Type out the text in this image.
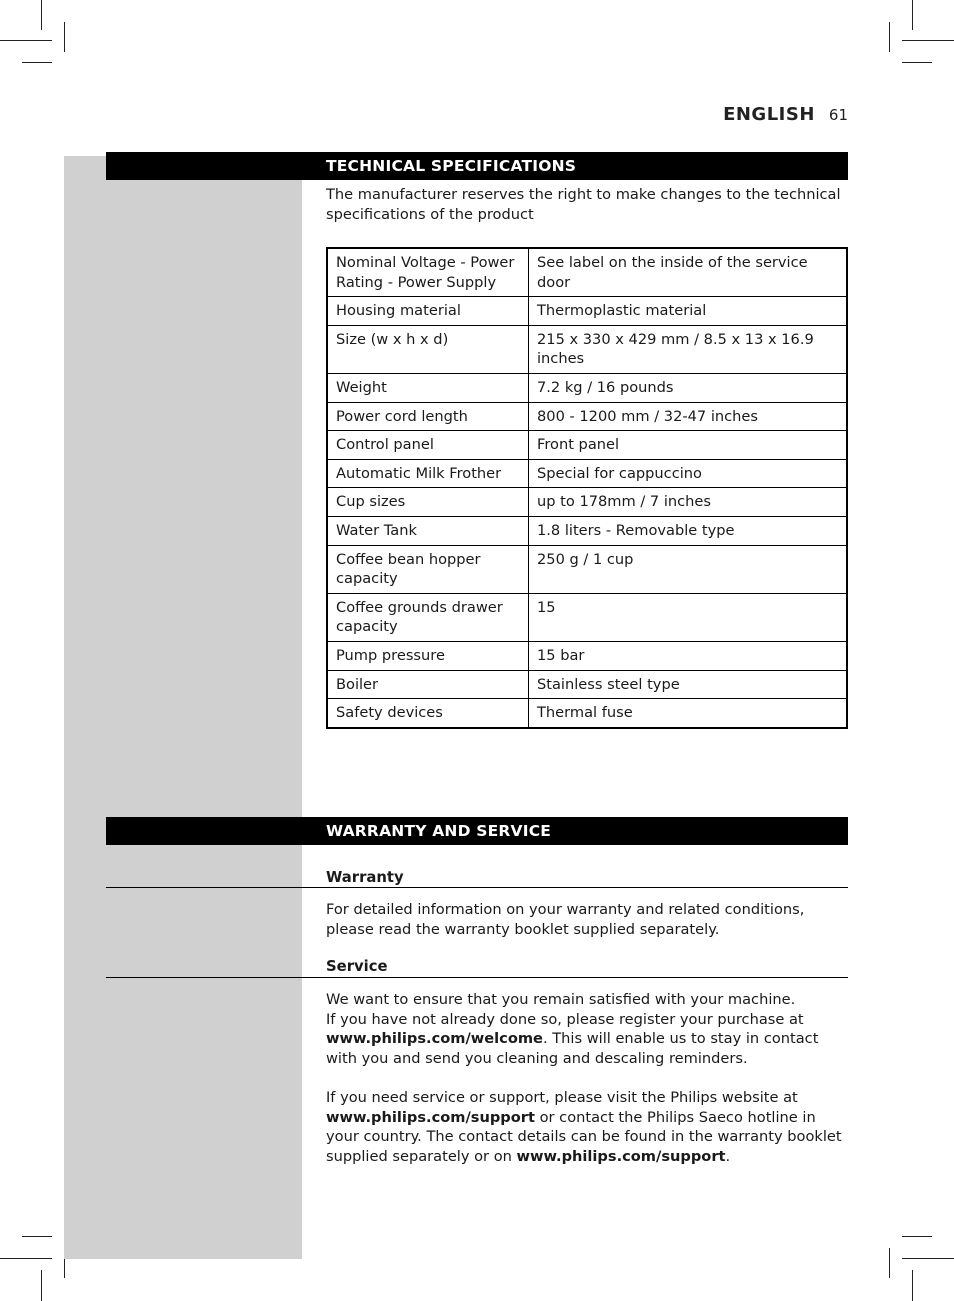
ENGLISH 61
TECHNICAL SPECIFICATIONS
The manufacturer reserves the right to make changes to the technical specifications of the product
Nominal Voltage - Power Rating - Power Supply	See label on the inside of the service door
Housing material	Thermoplastic material
Size (w x h x d)	215 x 330 x 429 mm / 8.5 x 13 x 16.9 inches
Weight	7.2 kg / 16 pounds
Power cord length	800 - 1200 mm / 32-47 inches
Control panel	Front panel
Automatic Milk Frother	Special for cappuccino
Cup sizes	up to 178mm / 7 inches
Water Tank	1.8 liters - Removable type
Coffee bean hopper capacity	250 g / 1 cup
Coffee grounds drawer capacity	15
Pump pressure	15 bar
Boiler	Stainless steel type
Safety devices	Thermal fuse
WARRANTY AND SERVICE
Warranty
For detailed information on your warranty and related conditions, please read the warranty booklet supplied separately.
Service
We want to ensure that you remain satisfied with your machine.
If you have not already done so, please register your purchase at
www.philips.com/welcome. This will enable us to stay in contact with you and send you cleaning and descaling reminders.
If you need service or support, please visit the Philips website at
www.philips.com/support or contact the Philips Saeco hotline in your country. The contact details can be found in the warranty booklet supplied separately or on www.philips.com/support.
